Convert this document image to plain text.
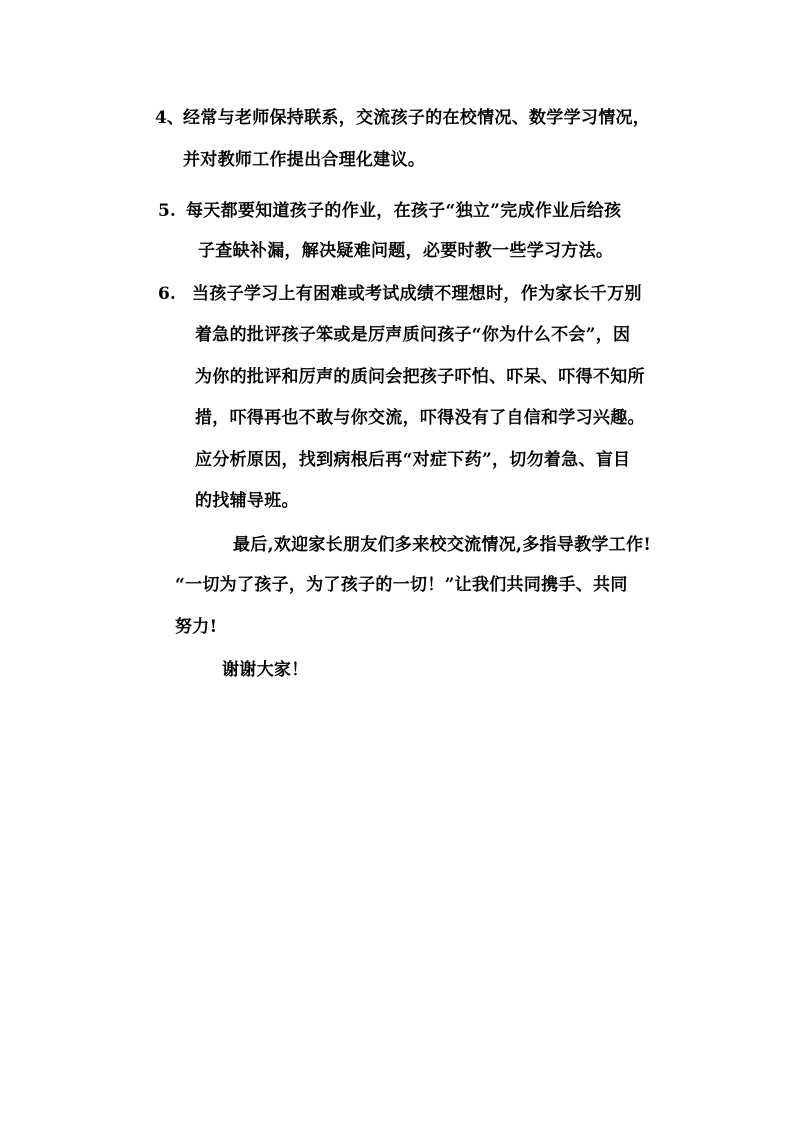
4、 经常与老师保持联系，交流孩子的在校情况、数学学习情况，
并对教师工作提出合理化建议。
5. 每天都要知道孩子的作业，在孩子“独立”完成作业后给孩
子查缺补漏，解决疑难问题，必要时教一些学习方法。
6. 当孩子学习上有困难或考试成绩不理想时，作为家长千万别
着急的批评孩子笨或是厉声质问孩子“你为什么不会”，因
为你的批评和厉声的质问会把孩子吓怕、吓呆、吓得不知所
措，吓得再也不敢与你交流，吓得没有了自信和学习兴趣。
应分析原因，找到病根后再“对症下药”，切勿着急、盲目
的找辅导班。
最后,欢迎家长朋友们多来校交流情况,多指导教学工作!
“一切为了孩子，为了孩子的一切！”让我们共同携手、共同
努力!
谢谢大家！
